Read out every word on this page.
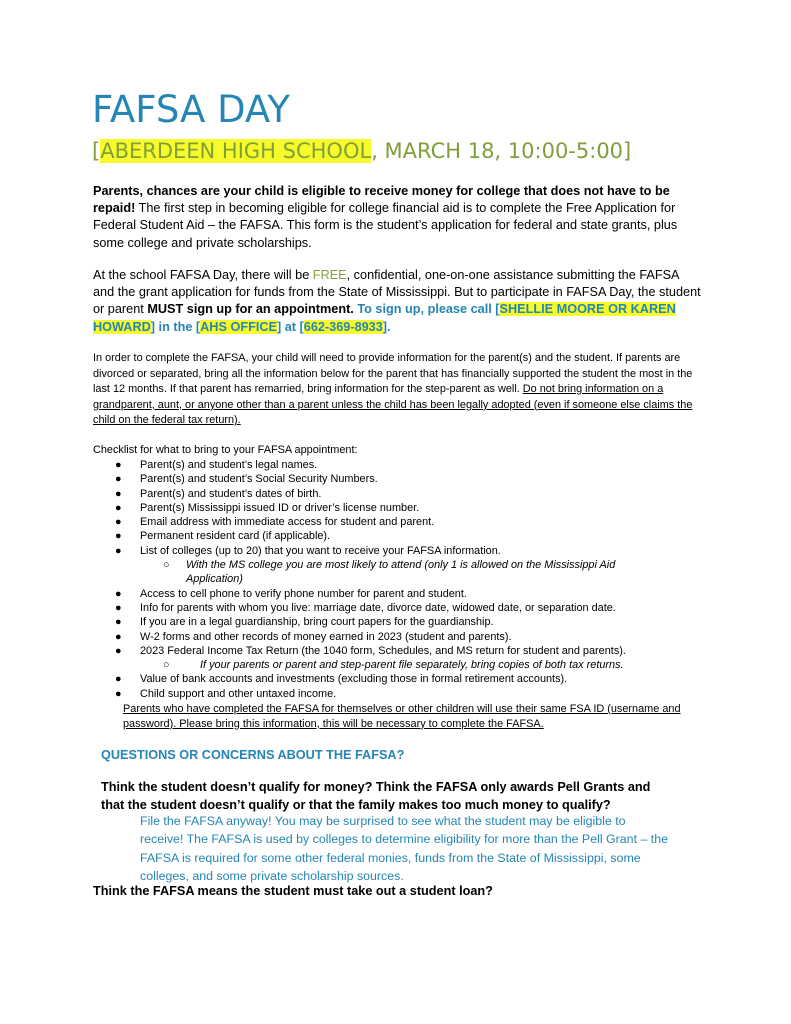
FAFSA DAY
[ABERDEEN HIGH SCHOOL, MARCH 18, 10:00-5:00]

Parents, chances are your child is eligible to receive money for college that does not have to be repaid! The first step in becoming eligible for college financial aid is to complete the Free Application for Federal Student Aid – the FAFSA. This form is the student’s application for federal and state grants, plus some college and private scholarships.

At the school FAFSA Day, there will be FREE, confidential, one-on-one assistance submitting the FAFSA and the grant application for funds from the State of Mississippi. But to participate in FAFSA Day, the student or parent MUST sign up for an appointment. To sign up, please call [SHELLIE MOORE OR KAREN HOWARD] in the [AHS OFFICE] at [662-369-8933].

In order to complete the FAFSA, your child will need to provide information for the parent(s) and the student. If parents are divorced or separated, bring all the information below for the parent that has financially supported the student the most in the last 12 months. If that parent has remarried, bring information for the step-parent as well. Do not bring information on a grandparent, aunt, or anyone other than a parent unless the child has been legally adopted (even if someone else claims the child on the federal tax return).

Checklist for what to bring to your FAFSA appointment:
● Parent(s) and student’s legal names.
● Parent(s) and student’s Social Security Numbers.
● Parent(s) and student’s dates of birth.
● Parent(s) Mississippi issued ID or driver’s license number.
● Email address with immediate access for student and parent.
● Permanent resident card (if applicable).
● List of colleges (up to 20) that you want to receive your FAFSA information.
○ With the MS college you are most likely to attend (only 1 is allowed on the Mississippi Aid Application)
● Access to cell phone to verify phone number for parent and student.
● Info for parents with whom you live: marriage date, divorce date, widowed date, or separation date.
● If you are in a legal guardianship, bring court papers for the guardianship.
● W-2 forms and other records of money earned in 2023 (student and parents).
● 2023 Federal Income Tax Return (the 1040 form, Schedules, and MS return for student and parents).
○	If your parents or parent and step-parent file separately, bring copies of both tax returns.
● Value of bank accounts and investments (excluding those in formal retirement accounts).
● Child support and other untaxed income.

Parents who have completed the FAFSA for themselves or other children will use their same FSA ID (username and password). Please bring this information, this will be necessary to complete the FAFSA.

QUESTIONS OR CONCERNS ABOUT THE FAFSA?

Think the student doesn’t qualify for money? Think the FAFSA only awards Pell Grants and that the student doesn’t qualify or that the family makes too much money to qualify?

File the FAFSA anyway! You may be surprised to see what the student may be eligible to receive! The FAFSA is used by colleges to determine eligibility for more than the Pell Grant – the FAFSA is required for some other federal monies, funds from the State of Mississippi, some colleges, and some private scholarship sources.

Think the FAFSA means the student must take out a student loan?
